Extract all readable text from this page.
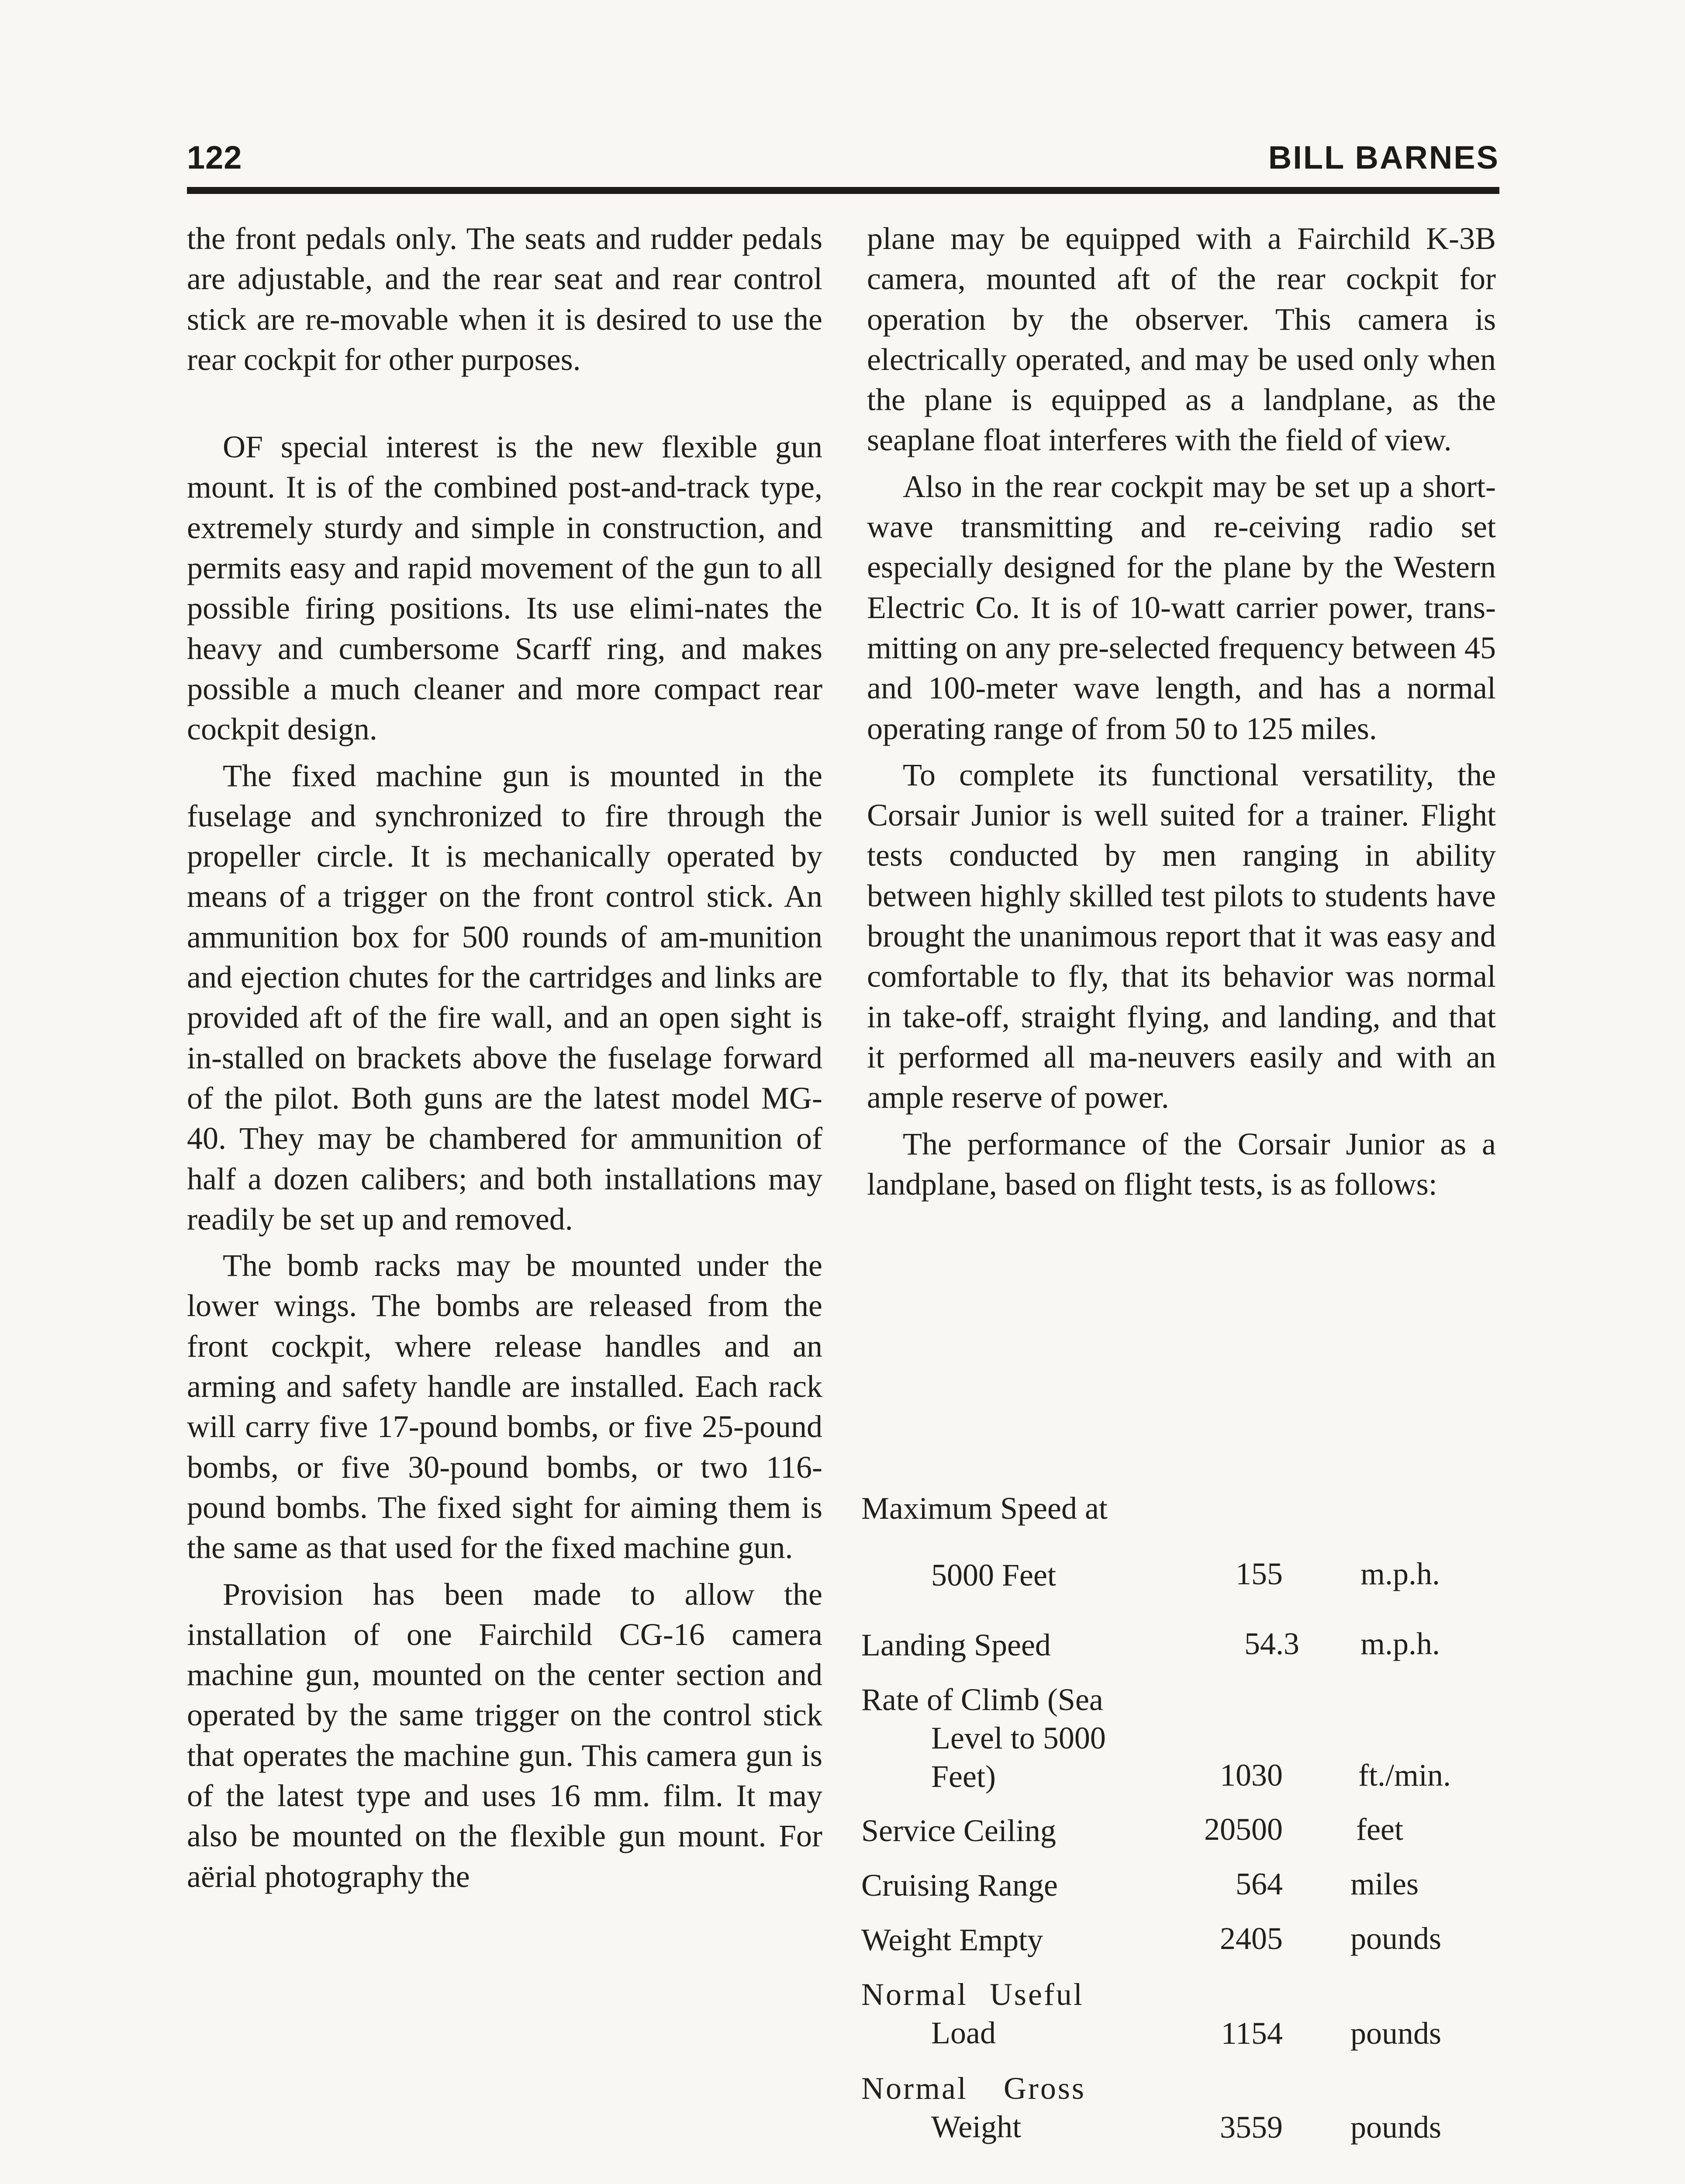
122	BILL BARNES

the front pedals only. The seats and rudder pedals are adjustable, and the rear seat and rear control stick are re-movable when it is desired to use the rear cockpit for other purposes.

OF special interest is the new flexible gun mount. It is of the combined post-and-track type, extremely sturdy and simple in construction, and permits easy and rapid movement of the gun to all possible firing positions. Its use elimi-nates the heavy and cumbersome Scarff ring, and makes possible a much cleaner and more compact rear cockpit design.

The fixed machine gun is mounted in the fuselage and synchronized to fire through the propeller circle. It is mechanically operated by means of a trigger on the front control stick. An ammunition box for 500 rounds of am-munition and ejection chutes for the cartridges and links are provided aft of the fire wall, and an open sight is in-stalled on brackets above the fuselage forward of the pilot. Both guns are the latest model MG-40. They may be chambered for ammunition of half a dozen calibers; and both installations may readily be set up and removed.

The bomb racks may be mounted under the lower wings. The bombs are released from the front cockpit, where release handles and an arming and safety handle are installed. Each rack will carry five 17-pound bombs, or five 25-pound bombs, or five 30-pound bombs, or two 116-pound bombs. The fixed sight for aiming them is the same as that used for the fixed machine gun.

Provision has been made to allow the installation of one Fairchild CG-16 camera machine gun, mounted on the center section and operated by the same trigger on the control stick that operates the machine gun. This camera gun is of the latest type and uses 16 mm. film. It may also be mounted on the flexible gun mount. For aërial photography the

plane may be equipped with a Fairchild K-3B camera, mounted aft of the rear cockpit for operation by the observer. This camera is electrically operated, and may be used only when the plane is equipped as a landplane, as the seaplane float interferes with the field of view.

Also in the rear cockpit may be set up a short-wave transmitting and re-ceiving radio set especially designed for the plane by the Western Electric Co. It is of 10-watt carrier power, trans-mitting on any pre-selected frequency between 45 and 100-meter wave length, and has a normal operating range of from 50 to 125 miles.

To complete its functional versatility, the Corsair Junior is well suited for a trainer. Flight tests conducted by men ranging in ability between highly skilled test pilots to students have brought the unanimous report that it was easy and comfortable to fly, that its behavior was normal in take-off, straight flying, and landing, and that it performed all ma-neuvers easily and with an ample reserve of power.

The performance of the Corsair Junior as a landplane, based on flight tests, is as follows:

Maximum Speed at
5000 Feet	155 m.p.h.
Landing Speed	54.3 m.p.h.
Rate of Climb (Sea
Level to 5000
Feet)	1030 ft./min.
Service Ceiling	20500 feet
Cruising Range	564 miles
Weight Empty	2405 pounds
Normal Useful
Load	1154 pounds
Normal Gross
Weight	3559 pounds
